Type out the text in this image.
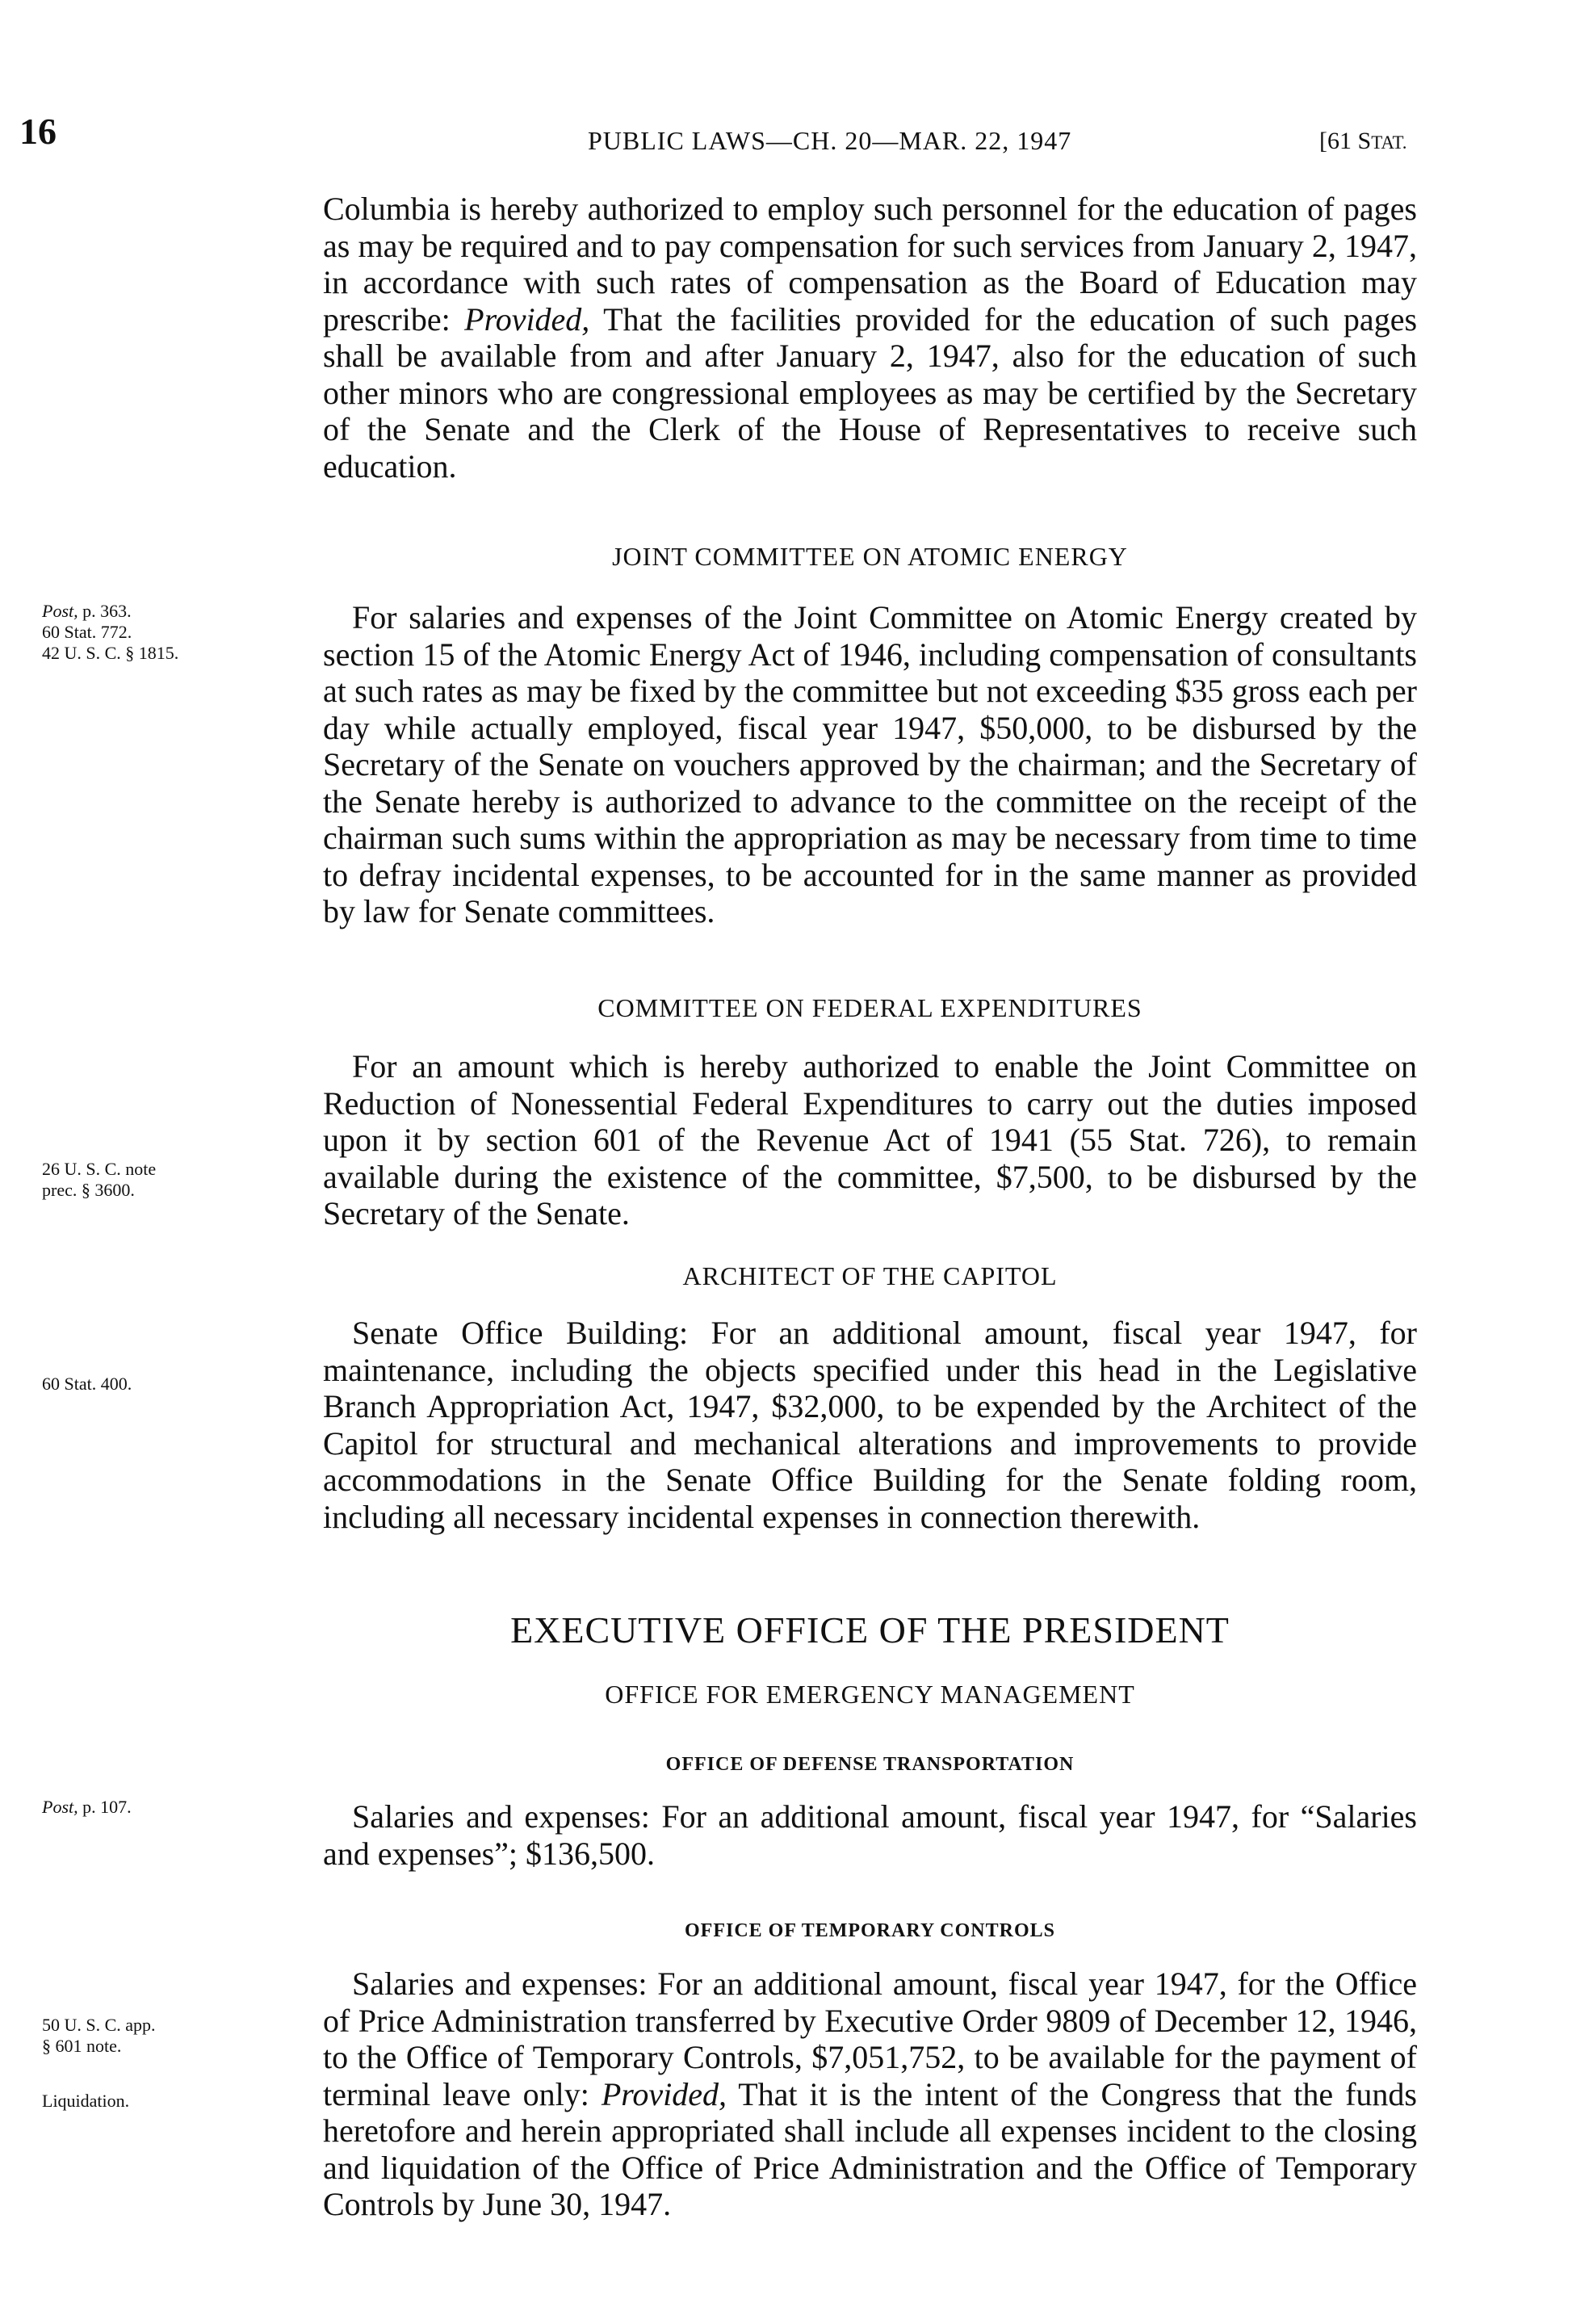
16	PUBLIC LAWS—CH. 20—MAR. 22, 1947	[61 STAT.

Columbia is hereby authorized to employ such personnel for the education of pages as may be required and to pay compensation for such services from January 2, 1947, in accordance with such rates of compensation as the Board of Education may prescribe: Provided, That the facilities provided for the education of such pages shall be available from and after January 2, 1947, also for the education of such other minors who are congressional employees as may be certified by the Secretary of the Senate and the Clerk of the House of Representatives to receive such education.

JOINT COMMITTEE ON ATOMIC ENERGY

Post, p. 363.
60 Stat. 772.
42 U. S. C. § 1815.

For salaries and expenses of the Joint Committee on Atomic Energy created by section 15 of the Atomic Energy Act of 1946, including compensation of consultants at such rates as may be fixed by the committee but not exceeding $35 gross each per day while actually employed, fiscal year 1947, $50,000, to be disbursed by the Secretary of the Senate on vouchers approved by the chairman; and the Secretary of the Senate hereby is authorized to advance to the committee on the receipt of the chairman such sums within the appropriation as may be necessary from time to time to defray incidental expenses, to be accounted for in the same manner as provided by law for Senate committees.

COMMITTEE ON FEDERAL EXPENDITURES

26 U. S. C. note
prec. § 3600.

For an amount which is hereby authorized to enable the Joint Committee on Reduction of Nonessential Federal Expenditures to carry out the duties imposed upon it by section 601 of the Revenue Act of 1941 (55 Stat. 726), to remain available during the existence of the committee, $7,500, to be disbursed by the Secretary of the Senate.

ARCHITECT OF THE CAPITOL

60 Stat. 400.

Senate Office Building: For an additional amount, fiscal year 1947, for maintenance, including the objects specified under this head in the Legislative Branch Appropriation Act, 1947, $32,000, to be expended by the Architect of the Capitol for structural and mechanical alterations and improvements to provide accommodations in the Senate Office Building for the Senate folding room, including all necessary incidental expenses in connection therewith.

EXECUTIVE OFFICE OF THE PRESIDENT

OFFICE FOR EMERGENCY MANAGEMENT

OFFICE OF DEFENSE TRANSPORTATION

Post, p. 107.	Salaries and expenses: For an additional amount, fiscal year 1947, for “Salaries and expenses”; $136,500.

OFFICE OF TEMPORARY CONTROLS

50 U. S. C. app.
§ 601 note.

Liquidation.

Salaries and expenses: For an additional amount, fiscal year 1947, for the Office of Price Administration transferred by Executive Order 9809 of December 12, 1946, to the Office of Temporary Controls, $7,051,752, to be available for the payment of terminal leave only: Provided, That it is the intent of the Congress that the funds heretofore and herein appropriated shall include all expenses incident to the closing and liquidation of the Office of Price Administration and the Office of Temporary Controls by June 30, 1947.
